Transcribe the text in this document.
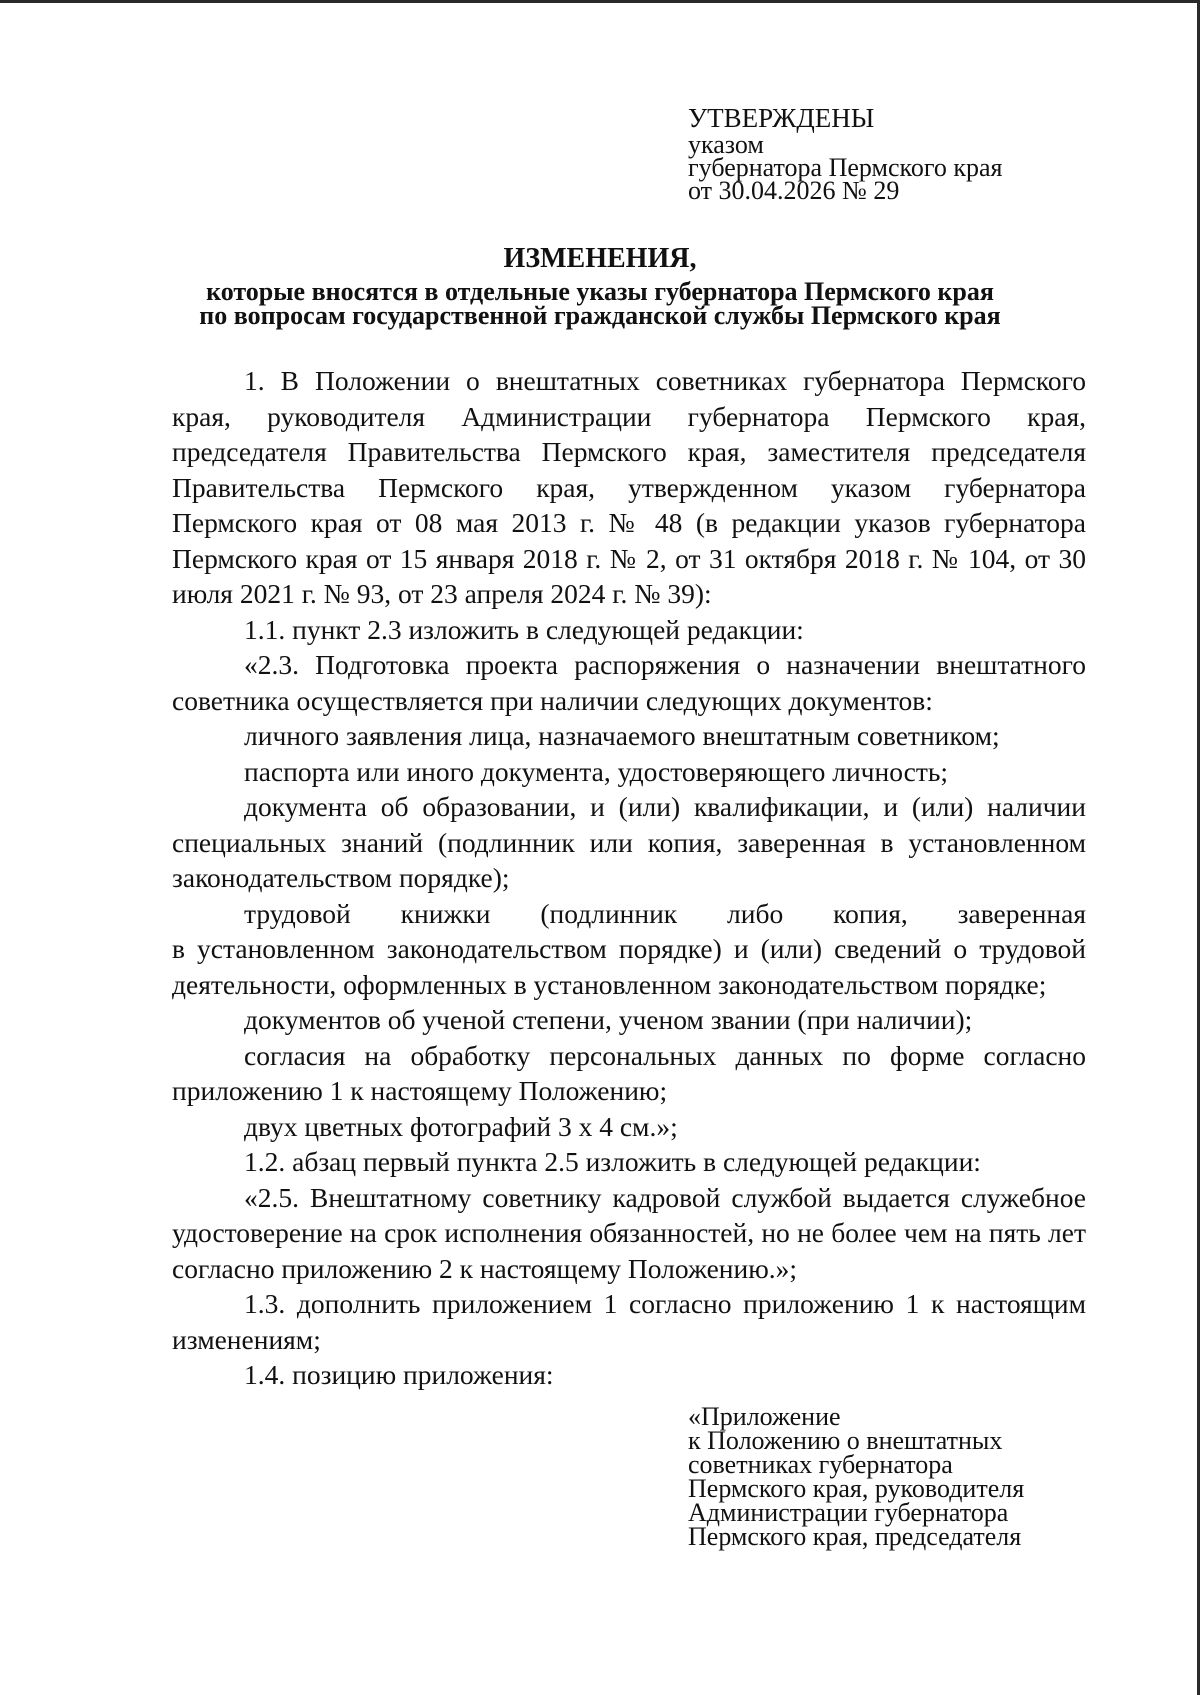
УТВЕРЖДЕНЫ
указом
губернатора Пермского края
от 30.04.2026 № 29
ИЗМЕНЕНИЯ,
которые вносятся в отдельные указы губернатора Пермского края
по вопросам государственной гражданской службы Пермского края

1. В Положении о внештатных советниках губернатора Пермского края, руководителя Администрации губернатора Пермского края, председателя Правительства Пермского края, заместителя председателя Правительства Пермского края, утвержденном указом губернатора Пермского края от 08 мая 2013 г. № 48 (в редакции указов губернатора Пермского края от 15 января 2018 г. № 2, от 31 октября 2018 г. № 104, от 30 июля 2021 г. № 93, от 23 апреля 2024 г. № 39):

1.1. пункт 2.3 изложить в следующей редакции:

«2.3. Подготовка проекта распоряжения о назначении внештатного советника осуществляется при наличии следующих документов:

личного заявления лица, назначаемого внештатным советником;

паспорта или иного документа, удостоверяющего личность;

документа об образовании, и (или) квалификации, и (или) наличии специальных знаний (подлинник или копия, заверенная в установленном законодательством порядке);

трудовой книжки (подлинник либо копия, заверенная

в установленном законодательством порядке) и (или) сведений о трудовой деятельности, оформленных в установленном законодательством порядке;

документов об ученой степени, ученом звании (при наличии);

согласия на обработку персональных данных по форме согласно приложению 1 к настоящему Положению;

двух цветных фотографий 3 х 4 см.»;

1.2. абзац первый пункта 2.5 изложить в следующей редакции:

«2.5. Внештатному советнику кадровой службой выдается служебное удостоверение на срок исполнения обязанностей, но не более чем на пять лет согласно приложению 2 к настоящему Положению.»;

1.3. дополнить приложением 1 согласно приложению 1 к настоящим изменениям;

1.4. позицию приложения:

«Приложение
к Положению о внештатных
советниках губернатора
Пермского края, руководителя
Администрации губернатора
Пермского края, председателя
